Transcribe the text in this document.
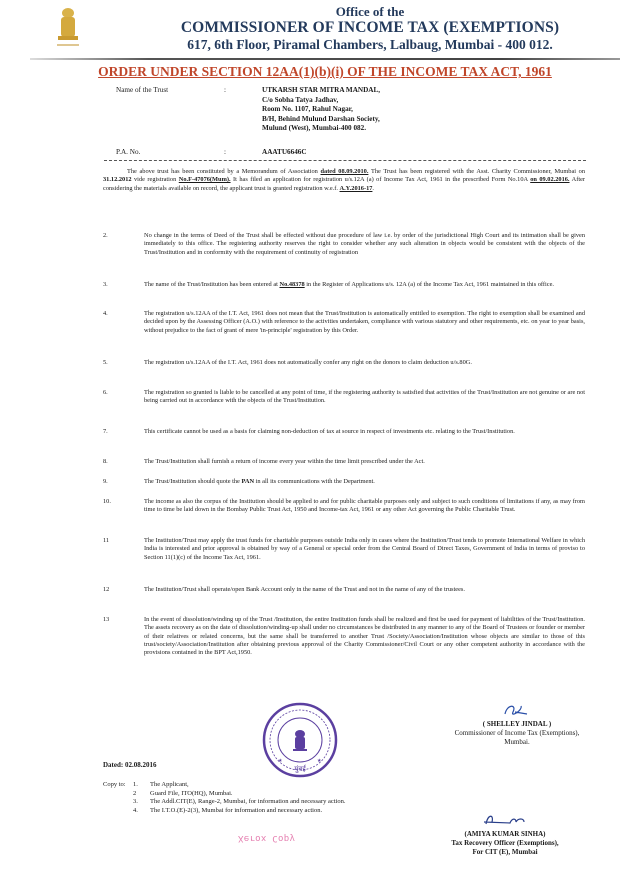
Office of the
COMMISSIONER OF INCOME TAX (EXEMPTIONS)
617, 6th Floor, Piramal Chambers, Lalbaug, Mumbai - 400 012.
ORDER UNDER SECTION 12AA(1)(b)(i) OF THE INCOME TAX ACT, 1961
Name of the Trust	:	UTKARSH STAR MITRA MANDAL,
C/o Sobha Tatya Jadhav,
Room No. 1107, Rahul Nagar,
B/H, Behind Mulund Darshan Society,
Mulund (West), Mumbai-400 082.
P.A. No.	:	AAATU6646C
The above trust has been constituted by a Memorandum of Association dated 08.09.2010. The Trust has been registered with the Asst. Charity Commissioner, Mumbai on 31.12.2012 vide registration No.F-47076(Mum). It has filed an application for registration u/s.12A (a) of Income Tax Act, 1961 in the prescribed Form No.10A on 09.02.2016. After considering the materials available on record, the applicant trust is granted registration w.e.f. A.Y.2016-17.
2.	No change in the terms of Deed of the Trust shall be effected without due procedure of law i.e. by order of the jurisdictional High Court and its intimation shall be given immediately to this office. The registering authority reserves the right to consider whether any such alteration in objects would be consistent with the objects of the Trust/Institution and in conformity with the requirement of continuity of registration
3.	The name of the Trust/Institution has been entered at No.48378 in the Register of Applications u/s. 12A (a) of the Income Tax Act, 1961 maintained in this office.
4.	The registration u/s.12AA of the I.T. Act, 1961 does not mean that the Trust/Institution is automatically entitled to exemption. The right to exemption shall be examined and decided upon by the Assessing Officer (A.O.) with reference to the activities undertaken, compliance with various statutory and other requirements, etc. on year to year basis, without prejudice to the fact of grant of mere 'in-principle' registration by this Order.
5.	The registration u/s.12AA of the I.T. Act, 1961 does not automatically confer any right on the donors to claim deduction u/s.80G.
6.	The registration so granted is liable to be cancelled at any point of time, if the registering authority is satisfied that activities of the Trust/Institution are not genuine or are not being carried out in accordance with the objects of the Trust/Institution.
7.	This certificate cannot be used as a basis for claiming non-deduction of tax at source in respect of investments etc. relating to the Trust/Institution.
8.	The Trust/Institution shall furnish a return of income every year within the time limit prescribed under the Act.
9.	The Trust/Institution should quote the PAN in all its communications with the Department.
10.	The income as also the corpus of the Institution should be applied to and for public charitable purposes only and subject to such conditions of limitations if any, as may from time to time be laid down in the Bombay Public Trust Act, 1950 and Income-tax Act, 1961 or any other Act governing the Public Charitable Trust.
11	The Institution/Trust may apply the trust funds for charitable purposes outside India only in cases where the Institution/Trust tends to promote International Welfare in which India is interested and prior approval is obtained by way of a General or special order from the Central Board of Direct Taxes, Government of India in terms of proviso to Section 11(1)(c) of the Income Tax Act, 1961.
12	The Institution/Trust shall operate/open Bank Account only in the name of the Trust and not in the name of any of the trustees.
13	In the event of dissolution/winding up of the Trust /Institution, the entire Institution funds shall be realized and first be used for payment of liabilities of the Trust/Institution. The assets recovery as on the date of dissolution/winding-up shall under no circumstances be distributed in any manner to any of the Board of Trustees or founder or member of their relatives or related concerns, but the same shall be transferred to another Trust /Society/Association/Institution whose objects are similar to those of this trust/society/Association/Institution after obtaining previous approval of the Charity Commissioner/Civil Court or any other competent authority in accordance with the provisions contained in the BPT Act,1950.
मुंबई
★	★
( SHELLEY JINDAL )
Commissioner of Income Tax (Exemptions),
Mumbai.
Dated: 02.08.2016
Copy to:	1. The Applicant,
2 Guard File, ITO(HQ), Mumbai.
3. The Addl.CIT(E), Range-2, Mumbai, for information and necessary action.
4. The I.T.O.(E)-2(3), Mumbai for information and necessary action.
Xerox Copy	(AMIYA KUMAR SINHA)
Tax Recovery Officer (Exemptions),
For CIT (E), Mumbai
